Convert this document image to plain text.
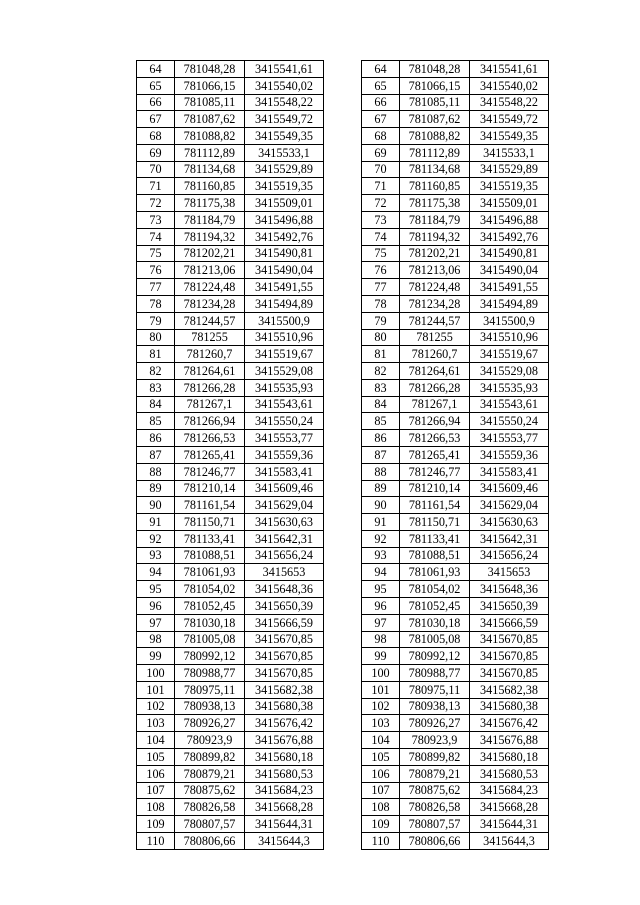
64	781048,28	3415541,61
65	781066,15	3415540,02
66	781085,11	3415548,22
67	781087,62	3415549,72
68	781088,82	3415549,35
69	781112,89	3415533,1
70	781134,68	3415529,89
71	781160,85	3415519,35
72	781175,38	3415509,01
73	781184,79	3415496,88
74	781194,32	3415492,76
75	781202,21	3415490,81
76	781213,06	3415490,04
77	781224,48	3415491,55
78	781234,28	3415494,89
79	781244,57	3415500,9
80	781255	3415510,96
81	781260,7	3415519,67
82	781264,61	3415529,08
83	781266,28	3415535,93
84	781267,1	3415543,61
85	781266,94	3415550,24
86	781266,53	3415553,77
87	781265,41	3415559,36
88	781246,77	3415583,41
89	781210,14	3415609,46
90	781161,54	3415629,04
91	781150,71	3415630,63
92	781133,41	3415642,31
93	781088,51	3415656,24
94	781061,93	3415653
95	781054,02	3415648,36
96	781052,45	3415650,39
97	781030,18	3415666,59
98	781005,08	3415670,85
99	780992,12	3415670,85
100	780988,77	3415670,85
101	780975,11	3415682,38
102	780938,13	3415680,38
103	780926,27	3415676,42
104	780923,9	3415676,88
105	780899,82	3415680,18
106	780879,21	3415680,53
107	780875,62	3415684,23
108	780826,58	3415668,28
109	780807,57	3415644,31
110	780806,66	3415644,3
64	781048,28	3415541,61
65	781066,15	3415540,02
66	781085,11	3415548,22
67	781087,62	3415549,72
68	781088,82	3415549,35
69	781112,89	3415533,1
70	781134,68	3415529,89
71	781160,85	3415519,35
72	781175,38	3415509,01
73	781184,79	3415496,88
74	781194,32	3415492,76
75	781202,21	3415490,81
76	781213,06	3415490,04
77	781224,48	3415491,55
78	781234,28	3415494,89
79	781244,57	3415500,9
80	781255	3415510,96
81	781260,7	3415519,67
82	781264,61	3415529,08
83	781266,28	3415535,93
84	781267,1	3415543,61
85	781266,94	3415550,24
86	781266,53	3415553,77
87	781265,41	3415559,36
88	781246,77	3415583,41
89	781210,14	3415609,46
90	781161,54	3415629,04
91	781150,71	3415630,63
92	781133,41	3415642,31
93	781088,51	3415656,24
94	781061,93	3415653
95	781054,02	3415648,36
96	781052,45	3415650,39
97	781030,18	3415666,59
98	781005,08	3415670,85
99	780992,12	3415670,85
100	780988,77	3415670,85
101	780975,11	3415682,38
102	780938,13	3415680,38
103	780926,27	3415676,42
104	780923,9	3415676,88
105	780899,82	3415680,18
106	780879,21	3415680,53
107	780875,62	3415684,23
108	780826,58	3415668,28
109	780807,57	3415644,31
110	780806,66	3415644,3
